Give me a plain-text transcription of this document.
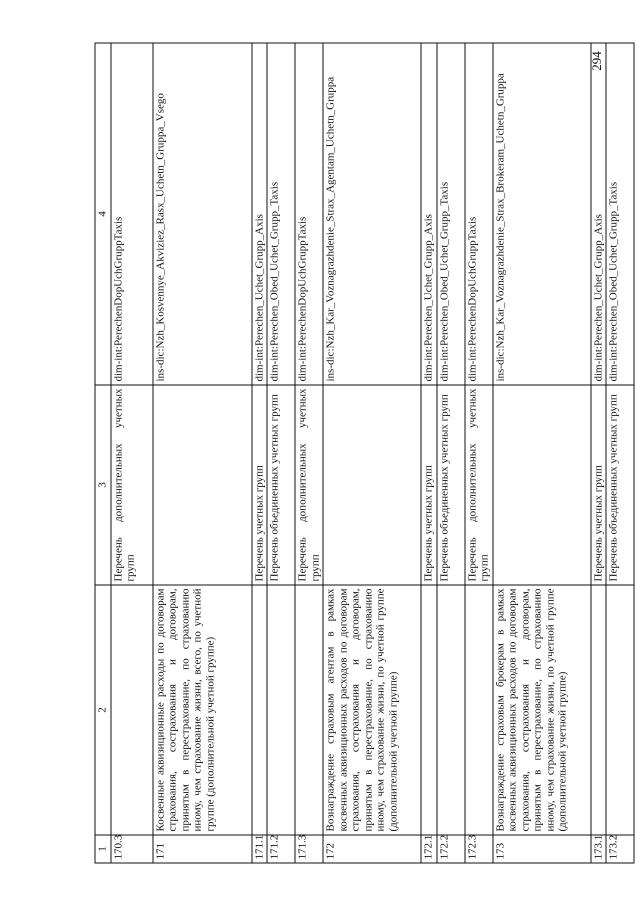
294
1	2	3	4
170.3		Перечень дополнительных учетных групп	dim-int:PerechenDopUchGruppTaxis
171	Косвенные аквизиционные расходы по договорам страхования, сострахования и договорам, принятым в перестрахование, по страхованию иному, чем страхование жизни, всего, по учетной группе (дополнительной учетной группе)		ins-dic:Nzh_Kosvennye_Akviziez_Rasx_Uchetn_Gruppa_Vsego
171.1		Перечень учетных групп	dim-int:Perechen_Uchet_Grupp_Axis
171.2		Перечень объединенных учетных групп	dim-int:Perechen_Obed_Uchet_Grupp_Taxis
171.3		Перечень дополнительных учетных групп	dim-int:PerechenDopUchGruppTaxis
172	Вознаграждение страховым агентам в рамках косвенных аквизиционных расходов по договорам страхования, сострахования и договорам, принятым в перестрахование, по страхованию иному, чем страхование жизни, по учетной группе (дополнительной учетной группе)		ins-dic:Nzh_Kar_Voznagrazhdenie_Strax_Agentam_Uchetn_Gruppa
172.1		Перечень учетных групп	dim-int:Perechen_Uchet_Grupp_Axis
172.2		Перечень объединенных учетных групп	dim-int:Perechen_Obed_Uchet_Grupp_Taxis
172.3		Перечень дополнительных учетных групп	dim-int:PerechenDopUchGruppTaxis
173	Вознаграждение страховым брокерам в рамках косвенных аквизиционных расходов по договорам страхования, сострахования и договорам, принятым в перестрахование, по страхованию иному, чем страхование жизни, по учетной группе (дополнительной учетной группе)		ins-dic:Nzh_Kar_Voznagrazhdenie_Strax_Brokeram_Uchetn_Gruppa
173.1		Перечень учетных групп	dim-int:Perechen_Uchet_Grupp_Axis
173.2		Перечень объединенных учетных групп	dim-int:Perechen_Obed_Uchet_Grupp_Taxis
